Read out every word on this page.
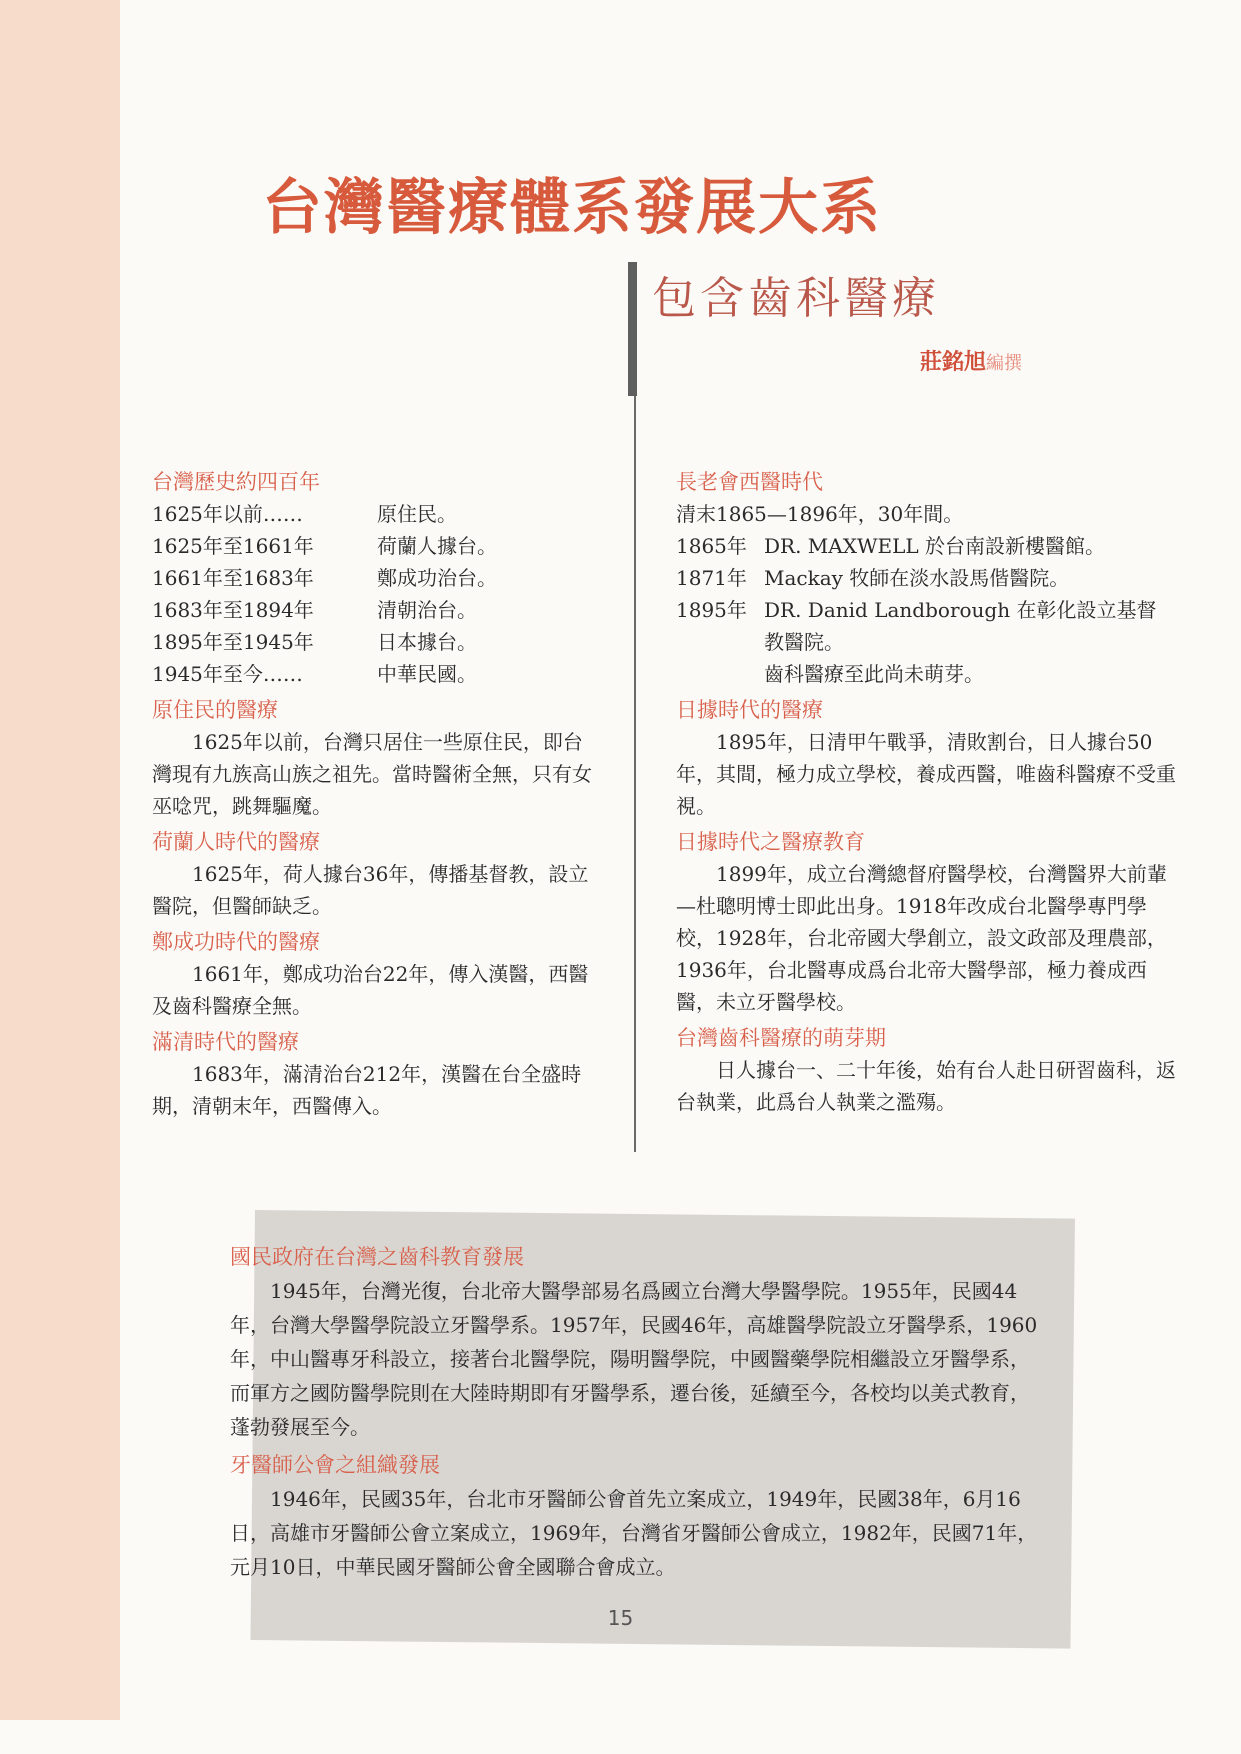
台灣醫療體系發展大系
包含齒科醫療
莊銘旭編撰
台灣歷史約四百年
1625年以前……	原住民。
1625年至1661年	荷蘭人據台。
1661年至1683年	鄭成功治台。
1683年至1894年	清朝治台。
1895年至1945年	日本據台。
1945年至今……	中華民國。
原住民的醫療

1625年以前，台灣只居住一些原住民，即台灣現有九族高山族之祖先。當時醫術全無，只有女巫唸咒，跳舞驅魔。

荷蘭人時代的醫療

1625年，荷人據台36年，傳播基督教，設立醫院，但醫師缺乏。

鄭成功時代的醫療

1661年，鄭成功治台22年，傳入漢醫，西醫及齒科醫療全無。

滿清時代的醫療

1683年，滿清治台212年，漢醫在台全盛時期，清朝末年，西醫傳入。

長老會西醫時代
清末1865—1896年，30年間。
1865年 DR. MAXWELL 於台南設新樓醫館。
1871年 Mackay 牧師在淡水設馬偕醫院。
1895年 DR. Danid Landborough 在彰化設立基督教醫院。
齒科醫療至此尚未萌芽。
日據時代的醫療

1895年，日清甲午戰爭，清敗割台，日人據台50年，其間，極力成立學校，養成西醫，唯齒科醫療不受重視。

日據時代之醫療教育

1899年，成立台灣總督府醫學校，台灣醫界大前輩—杜聰明博士即此出身。1918年改成台北醫學專門學校，1928年，台北帝國大學創立，設文政部及理農部，1936年，台北醫專成爲台北帝大醫學部，極力養成西醫，未立牙醫學校。

台灣齒科醫療的萌芽期

日人據台一、二十年後，始有台人赴日研習齒科，返台執業，此爲台人執業之濫殤。

國民政府在台灣之齒科教育發展

1945年，台灣光復，台北帝大醫學部易名爲國立台灣大學醫學院。1955年，民國44年，台灣大學醫學院設立牙醫學系。1957年，民國46年，高雄醫學院設立牙醫學系，1960年，中山醫專牙科設立，接著台北醫學院，陽明醫學院，中國醫藥學院相繼設立牙醫學系，而軍方之國防醫學院則在大陸時期即有牙醫學系，遷台後，延續至今，各校均以美式教育，蓬勃發展至今。

牙醫師公會之組織發展

1946年，民國35年，台北市牙醫師公會首先立案成立，1949年，民國38年，6月16日，高雄市牙醫師公會立案成立，1969年，台灣省牙醫師公會成立，1982年，民國71年，元月10日，中華民國牙醫師公會全國聯合會成立。

15
